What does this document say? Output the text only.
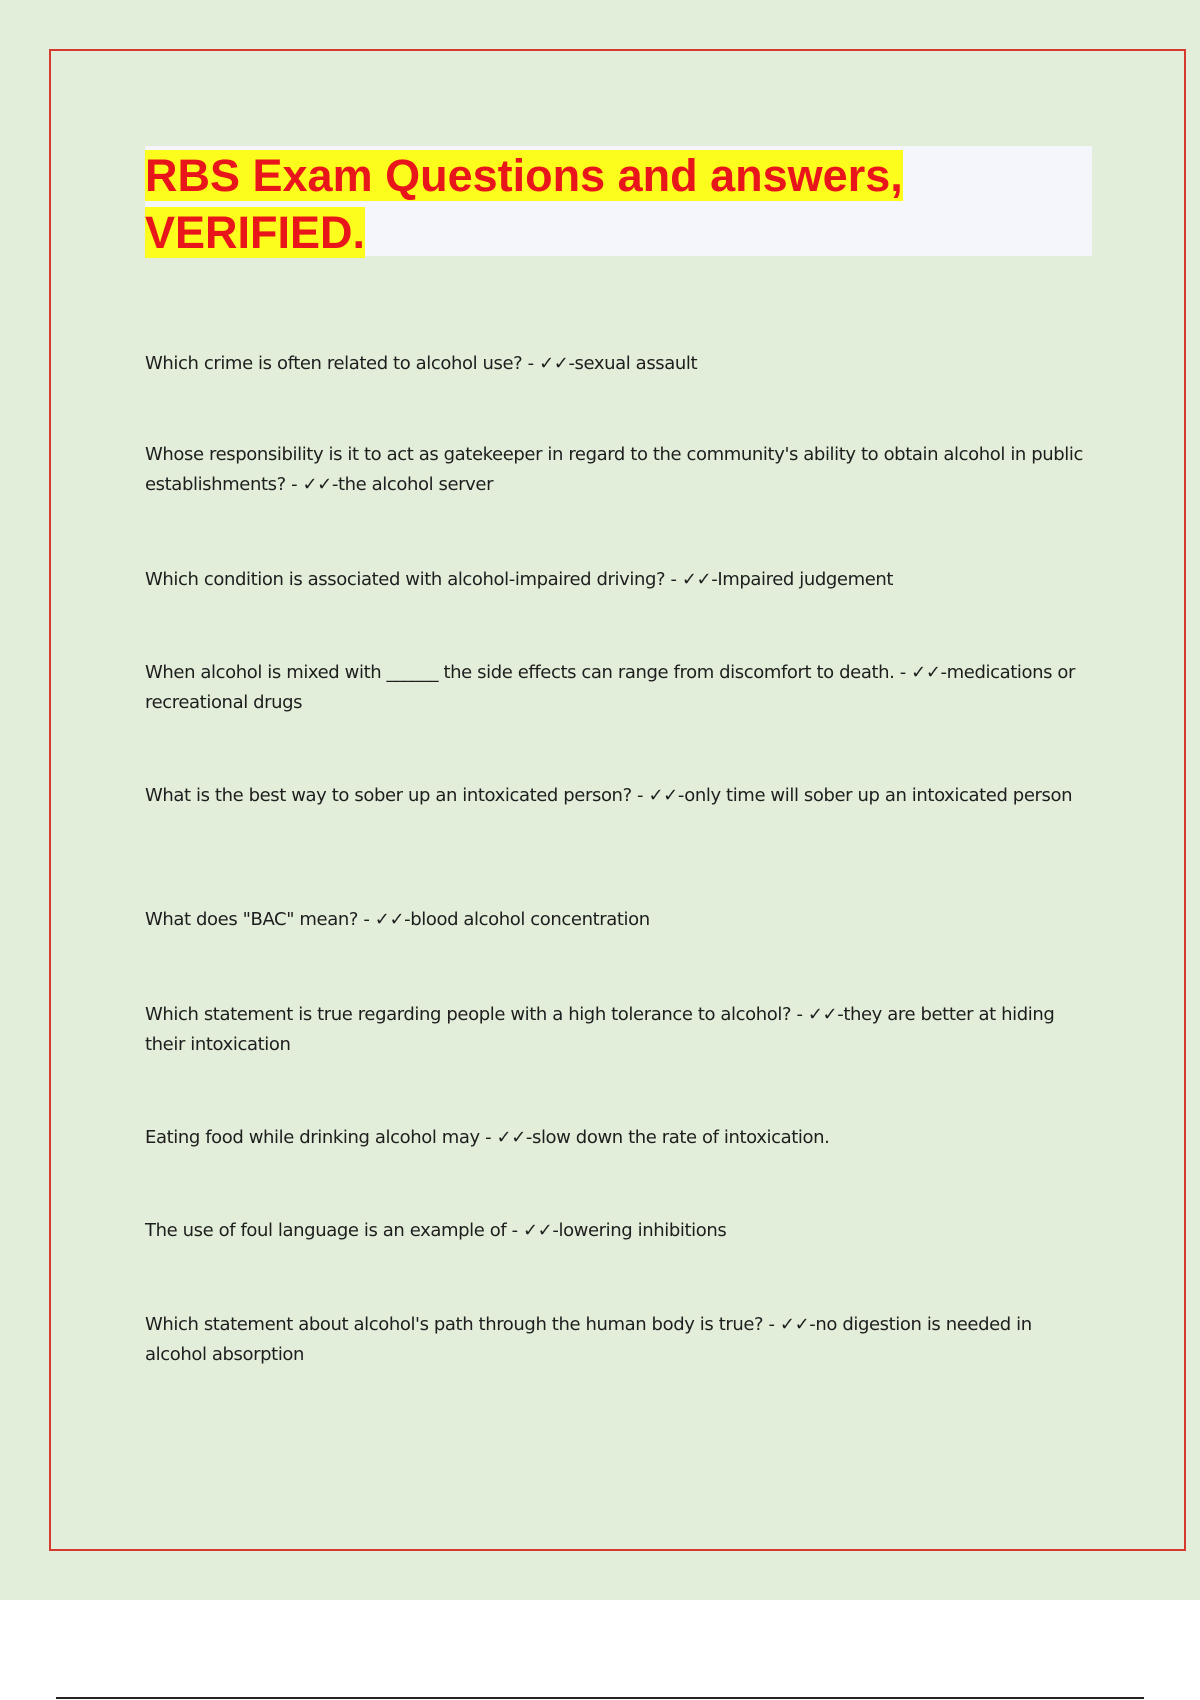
RBS Exam Questions and answers,
VERIFIED.

Which crime is often related to alcohol use? - ✓✓-sexual assault

Whose responsibility is it to act as gatekeeper in regard to the community's ability to obtain alcohol in public establishments? - ✓✓-the alcohol server

Which condition is associated with alcohol-impaired driving? - ✓✓-Impaired judgement

When alcohol is mixed with ______ the side effects can range from discomfort to death. - ✓✓-medications or recreational drugs

What is the best way to sober up an intoxicated person? - ✓✓-only time will sober up an intoxicated person

What does "BAC" mean? - ✓✓-blood alcohol concentration

Which statement is true regarding people with a high tolerance to alcohol? - ✓✓-they are better at hiding their intoxication

Eating food while drinking alcohol may - ✓✓-slow down the rate of intoxication.

The use of foul language is an example of - ✓✓-lowering inhibitions

Which statement about alcohol's path through the human body is true? - ✓✓-no digestion is needed in alcohol absorption
